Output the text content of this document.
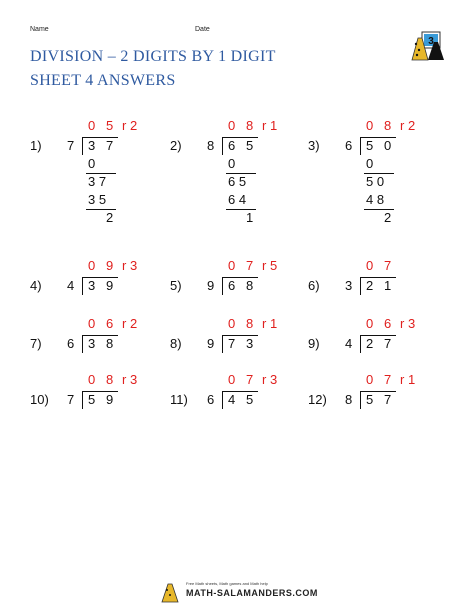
Name	Date
DIVISION – 2 DIGITS BY 1 DIGIT
SHEET 4 ANSWERS
3
1) 7 3 7
0 5 r 2
0
3 7
3 5
2
2) 8 6 5
0 8 r 1
0
6 5
6 4
1
3) 6 5 0
0 8 r 2
0
5 0
4 8
2
4) 4 3 9
0 9 r 3
5) 9 6 8
0 7 r 5
6) 3 2 1
0 7
7) 6 3 8
0 6 r 2
8) 9 7 3
0 8 r 1
9) 4 2 7
0 6 r 3
10) 7 5 9
0 8 r 3
11) 6 4 5
0 7 r 3
12) 8 5 7
0 7 r 1
Free Math sheets, Math games and Math help
MATH-SALAMANDERS.COM
